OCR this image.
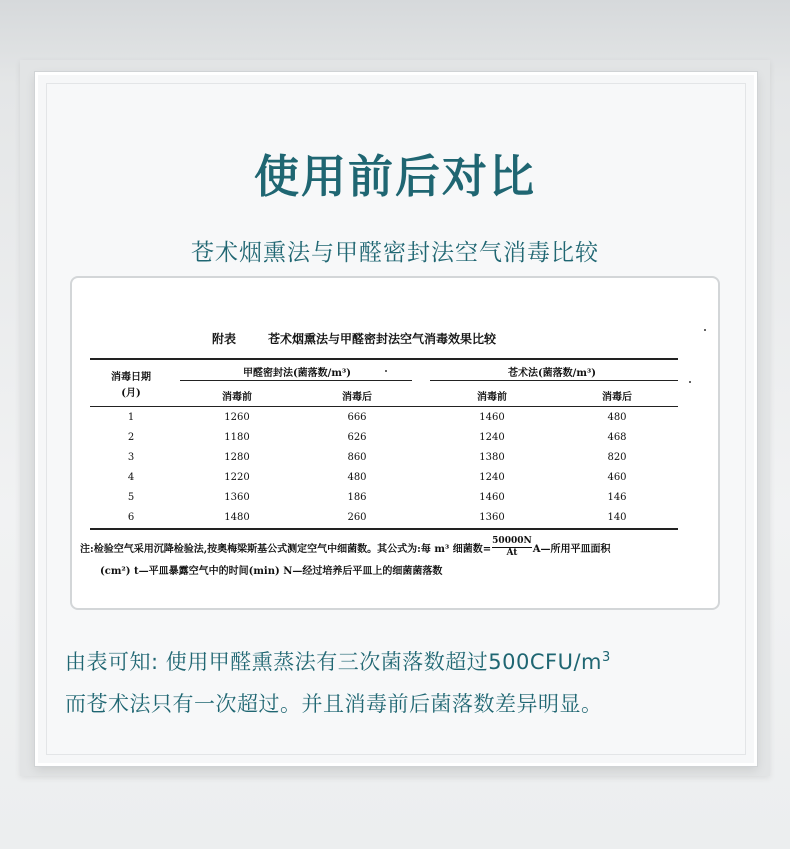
使用前后对比
苍术烟熏法与甲醛密封法空气消毒比较
附表	苍术烟熏法与甲醛密封法空气消毒效果比较
消毒日期
(月)
甲醛密封法(菌落数/m³)	苍术法(菌落数/m³)
消毒前	消毒后	消毒前	消毒后
1	1260	666	1460	480
2	1180	626	1240	468
3	1280	860	1380	820
4	1220	480	1240	460
5	1360	186	1460	146
6	1480	260	1360	140
注:检验空气采用沉降检验法,按奥梅梁斯基公式测定空气中细菌数。其公式为:每 m³ 细菌数= $\frac{50000N}{At}$ A—所用平皿面积
(cm²) t—平皿暴露空气中的时间(min) N—经过培养后平皿上的细菌菌落数
由表可知: 使用甲醛熏蒸法有三次菌落数超过$500CFU/m^3$
而苍术法只有一次超过。并且消毒前后菌落数差异明显。
